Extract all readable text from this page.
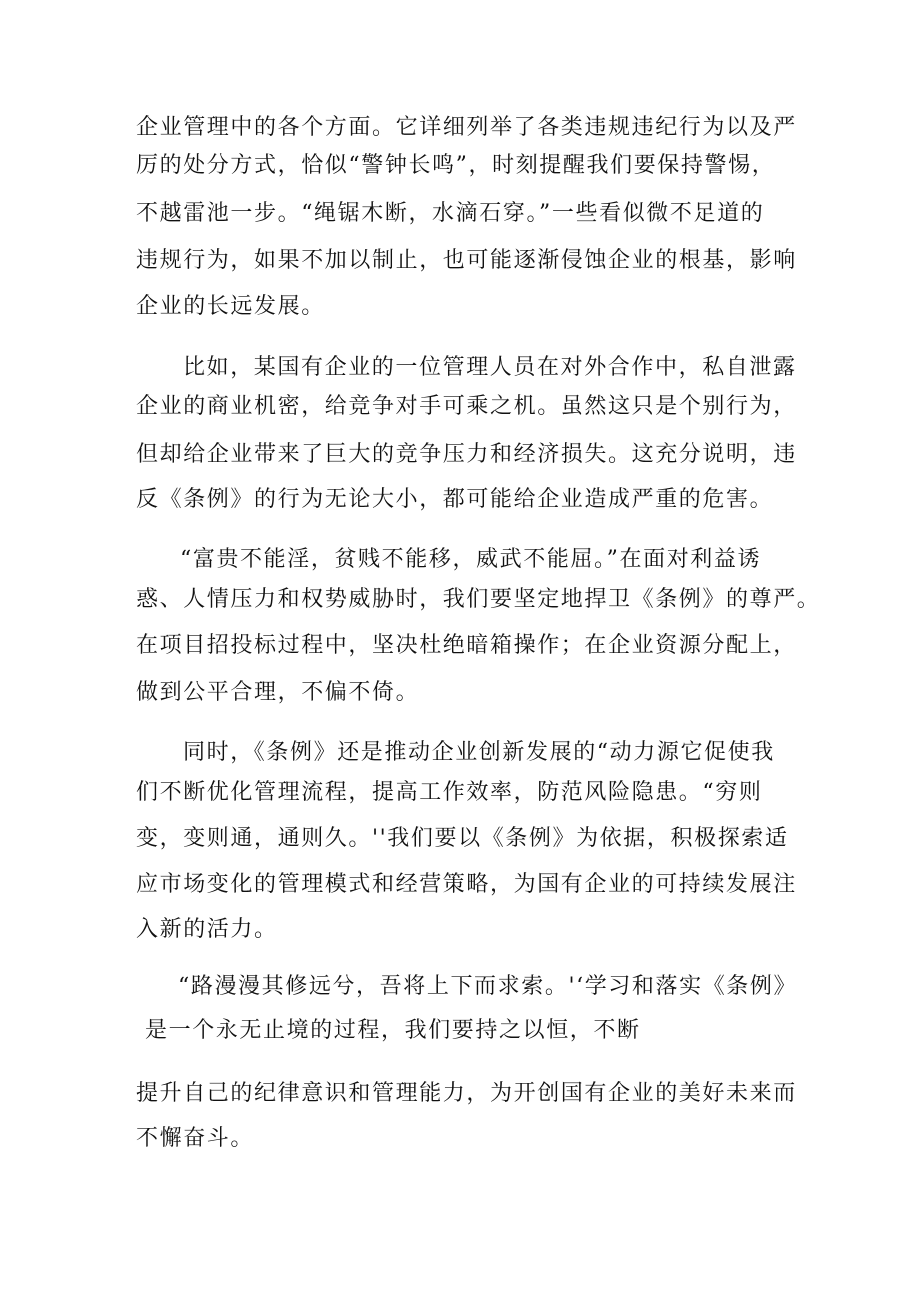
企业管理中的各个方面。它详细列举了各类违规违纪行为以及严
厉的处分方式，恰似“警钟长鸣”，时刻提醒我们要保持警惕，
不越雷池一步。“绳锯木断，水滴石穿。”一些看似微不足道的
违规行为，如果不加以制止，也可能逐渐侵蚀企业的根基，影响
企业的长远发展。
比如，某国有企业的一位管理人员在对外合作中，私自泄露
企业的商业机密，给竞争对手可乘之机。虽然这只是个别行为，
但却给企业带来了巨大的竞争压力和经济损失。这充分说明，违
反《条例》的行为无论大小，都可能给企业造成严重的危害。
“富贵不能淫，贫贱不能移，威武不能屈。”在面对利益诱
惑、人情压力和权势威胁时，我们要坚定地捍卫《条例》的尊严。
在项目招投标过程中，坚决杜绝暗箱操作；在企业资源分配上，
做到公平合理，不偏不倚。
同时，《条例》还是推动企业创新发展的“动力源它促使我
们不断优化管理流程，提高工作效率，防范风险隐患。“穷则
变，变则通，通则久。''我们要以《条例》为依据，积极探索适
应市场变化的管理模式和经营策略，为国有企业的可持续发展注
入新的活力。
“路漫漫其修远兮，吾将上下而求索。'‘学习和落实《条例》
是一个永无止境的过程，我们要持之以恒，不断
提升自己的纪律意识和管理能力，为开创国有企业的美好未来而
不懈奋斗。
